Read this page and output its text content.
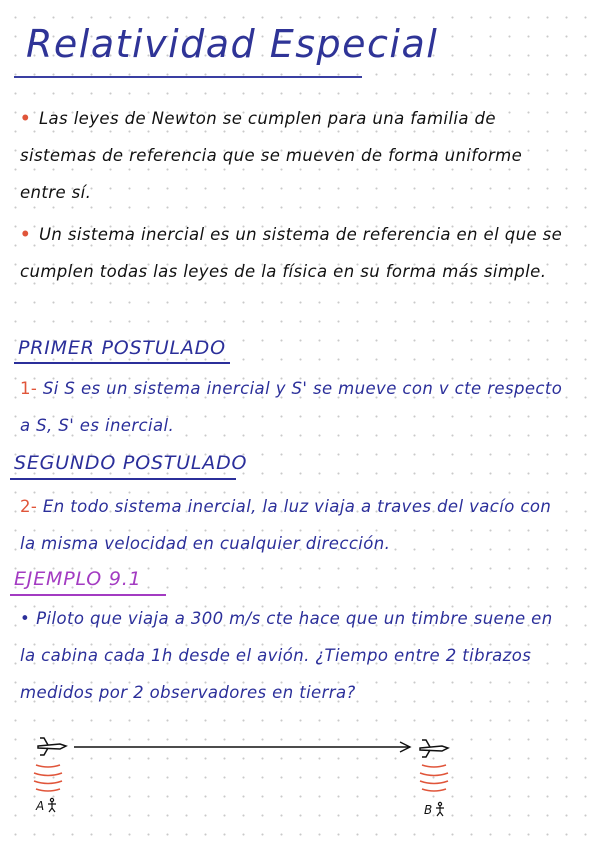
Relatividad Especial
• Las leyes de Newton se cumplen para una familia de sistemas de referencia que se mueven de forma uniforme entre sí.
• Un sistema inercial es un sistema de referencia en el que se cumplen todas las leyes de la física en su forma más simple.
PRIMER POSTULADO
1- Si S es un sistema inercial y S' se mueve con v cte respecto a S, S' es inercial.
SEGUNDO POSTULADO
2- En todo sistema inercial, la luz viaja a traves del vacío con la misma velocidad en cualquier dirección.
EJEMPLO 9.1
• Piloto que viaja a 300 m/s cte hace que un timbre suene en la cabina cada 1h desde el avión. ¿Tiempo entre 2 tibrazos medidos por 2 observadores en tierra?
A	B
